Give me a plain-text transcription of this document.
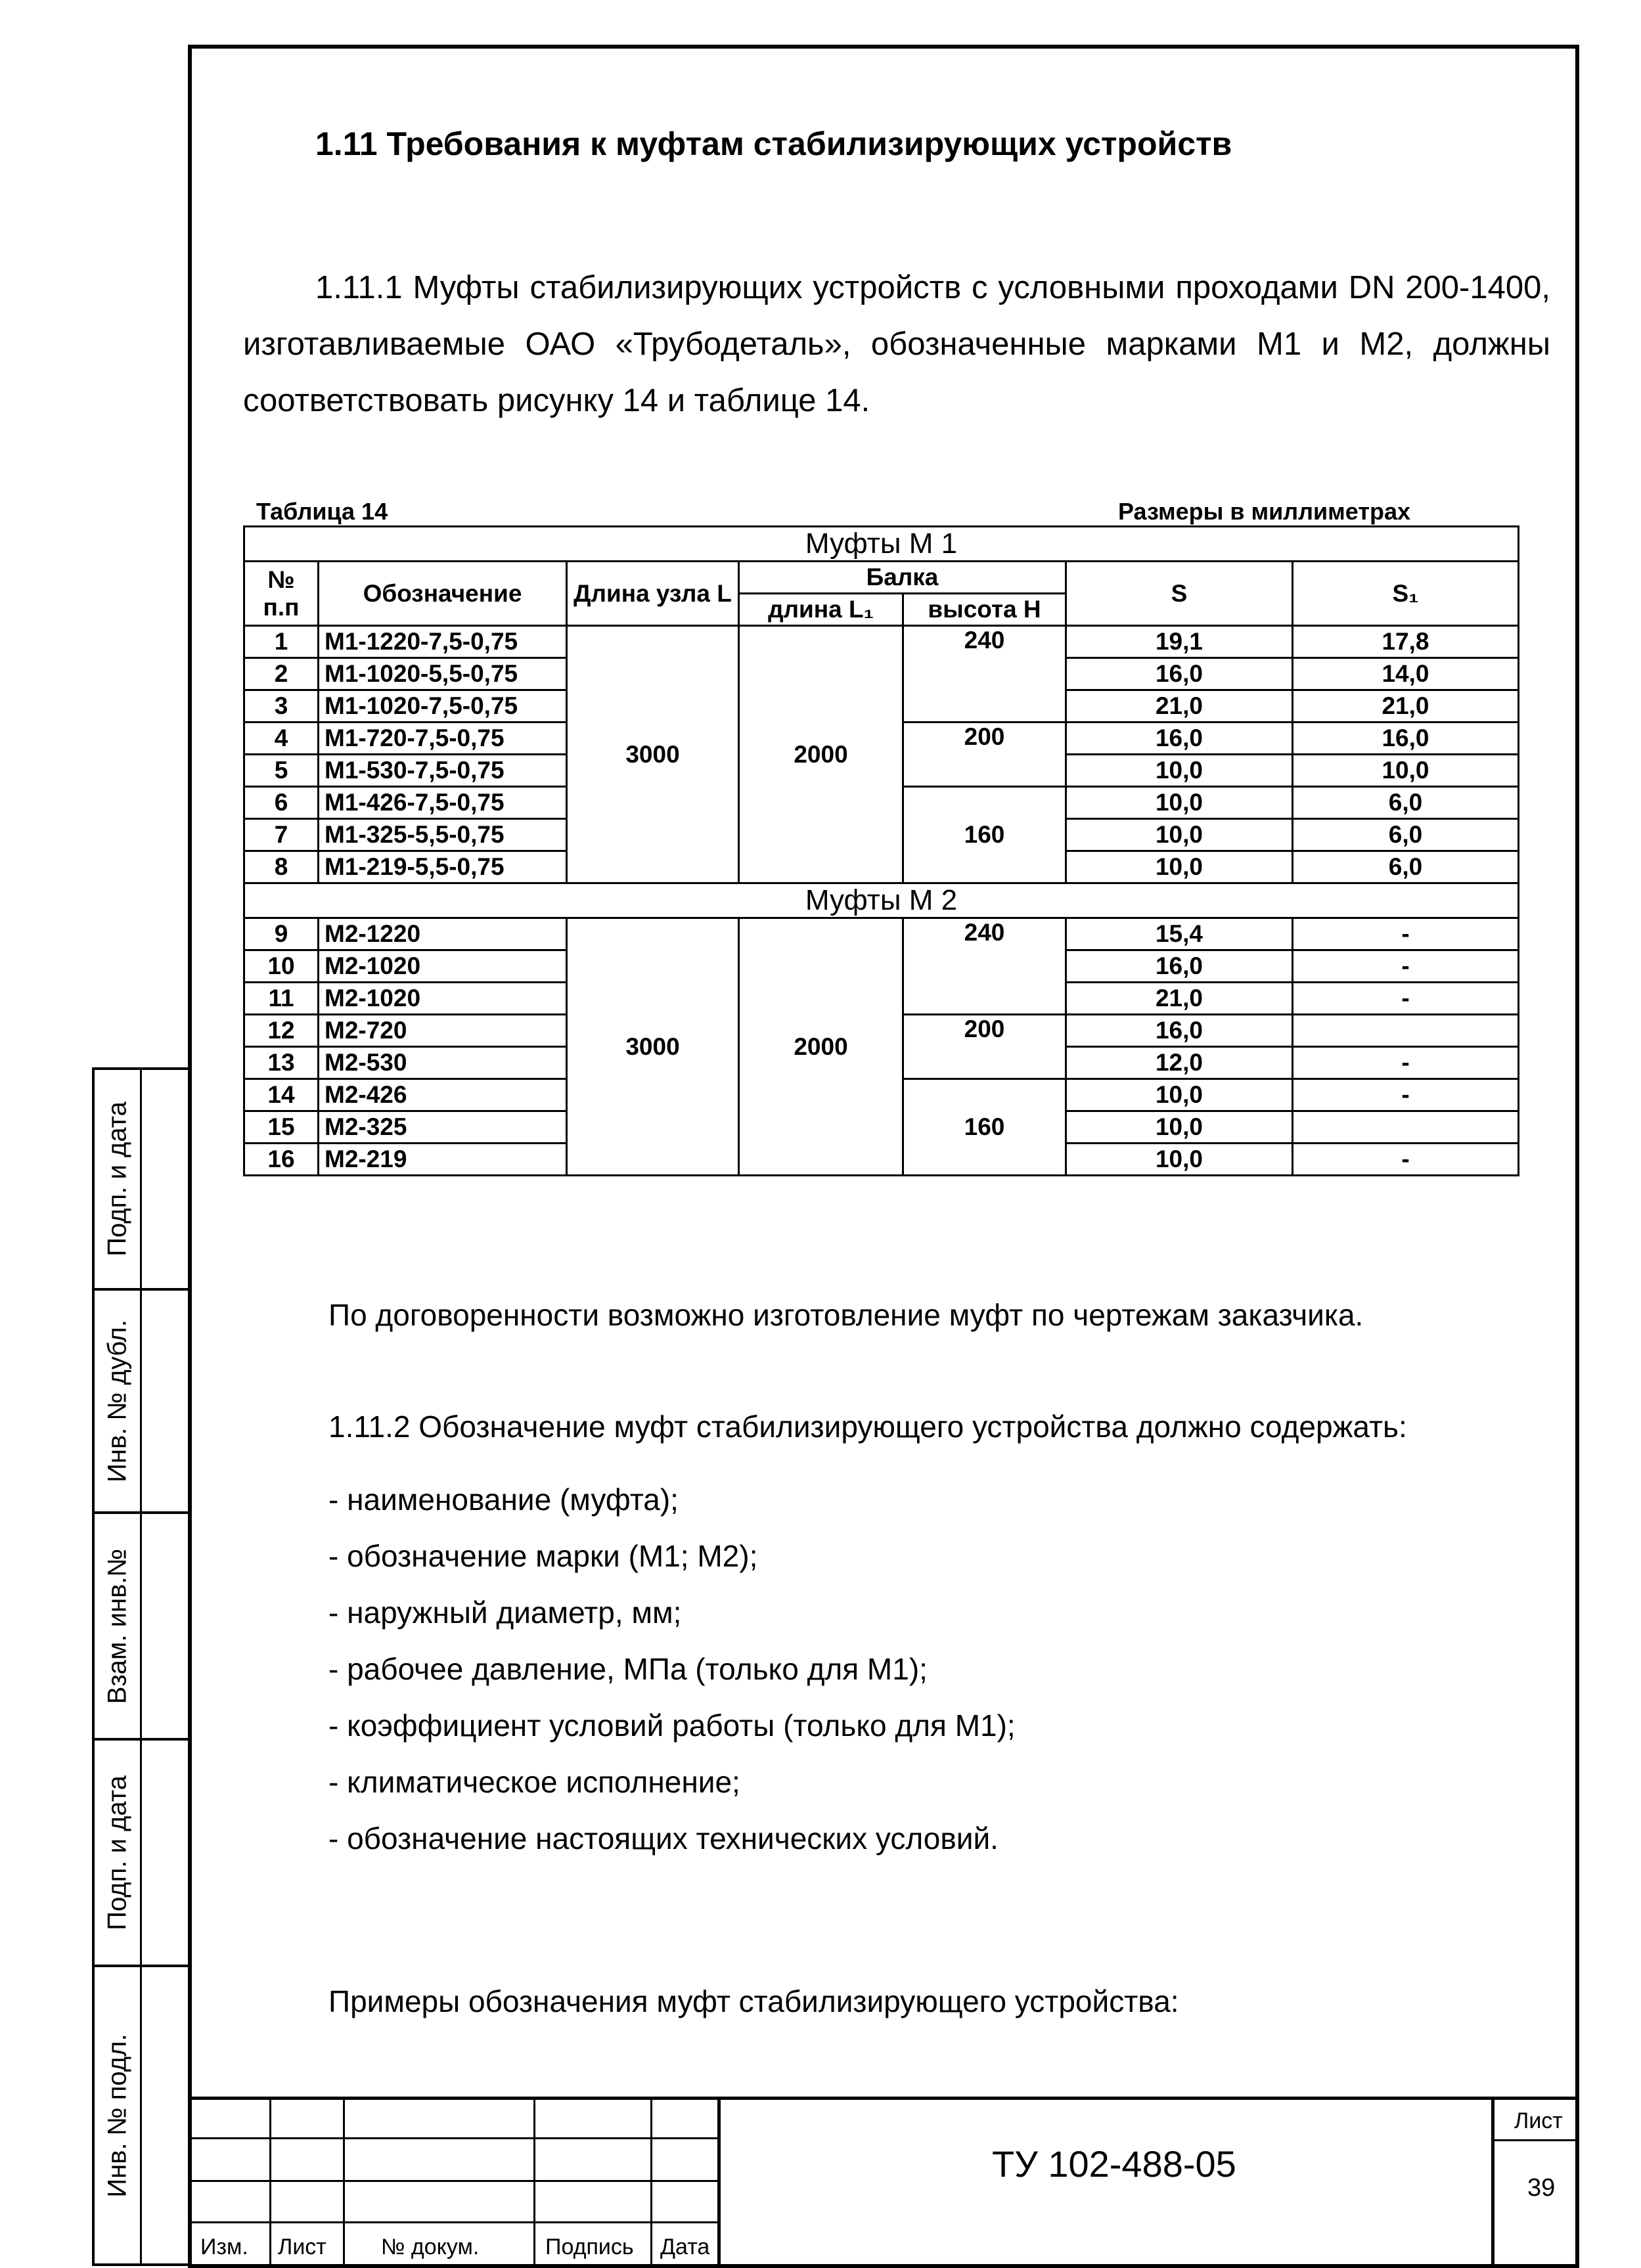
1.11 Требования к муфтам стабилизирующих устройств

1.11.1 Муфты стабилизирующих устройств с условными проходами DN 200-1400, изготавливаемые ОАО «Трубодеталь», обозначенные марками М1 и М2, должны соответствовать рисунку 14 и таблице 14.

Таблица 14	Размеры в миллиметрах
Муфты М 1						
№ п.п	Обозначение	Длина узла L	Балка		S	S₁
			длина L₁	высота Н		
1	М1-1220-7,5-0,75	3000	2000	240	19,1	17,8
2	М1-1020-5,5-0,75				16,0	14,0
3	М1-1020-7,5-0,75				21,0	21,0
4	М1-720-7,5-0,75			200	16,0	16,0
5	М1-530-7,5-0,75				10,0	10,0
6	М1-426-7,5-0,75			160	10,0	6,0
7	М1-325-5,5-0,75				10,0	6,0
8	М1-219-5,5-0,75				10,0	6,0
Муфты М 2						
9	М2-1220	3000	2000	240	15,4	-
10	М2-1020				16,0	-
11	М2-1020				21,0	-
12	М2-720			200	16,0	
13	М2-530				12,0	-
14	М2-426			160	10,0	-
15	М2-325				10,0	
16	М2-219				10,0	-
По договоренности возможно изготовление муфт по чертежам заказчика.
1.11.2 Обозначение муфт стабилизирующего устройства должно содержать:
- наименование (муфта);
- обозначение марки (М1; М2);
- наружный диаметр, мм;
- рабочее давление, МПа (только для М1);
- коэффициент условий работы (только для М1);
- климатическое исполнение;
- обозначение настоящих технических условий.
Примеры обозначения муфт стабилизирующего устройства:
Подп. и дата
Инв. № дубл.
Взам. инв.№
Подп. и дата
Инв. № подл.
Изм. Лист № докум.	Подпись Дата
ТУ 102-488-05
Лист
39
